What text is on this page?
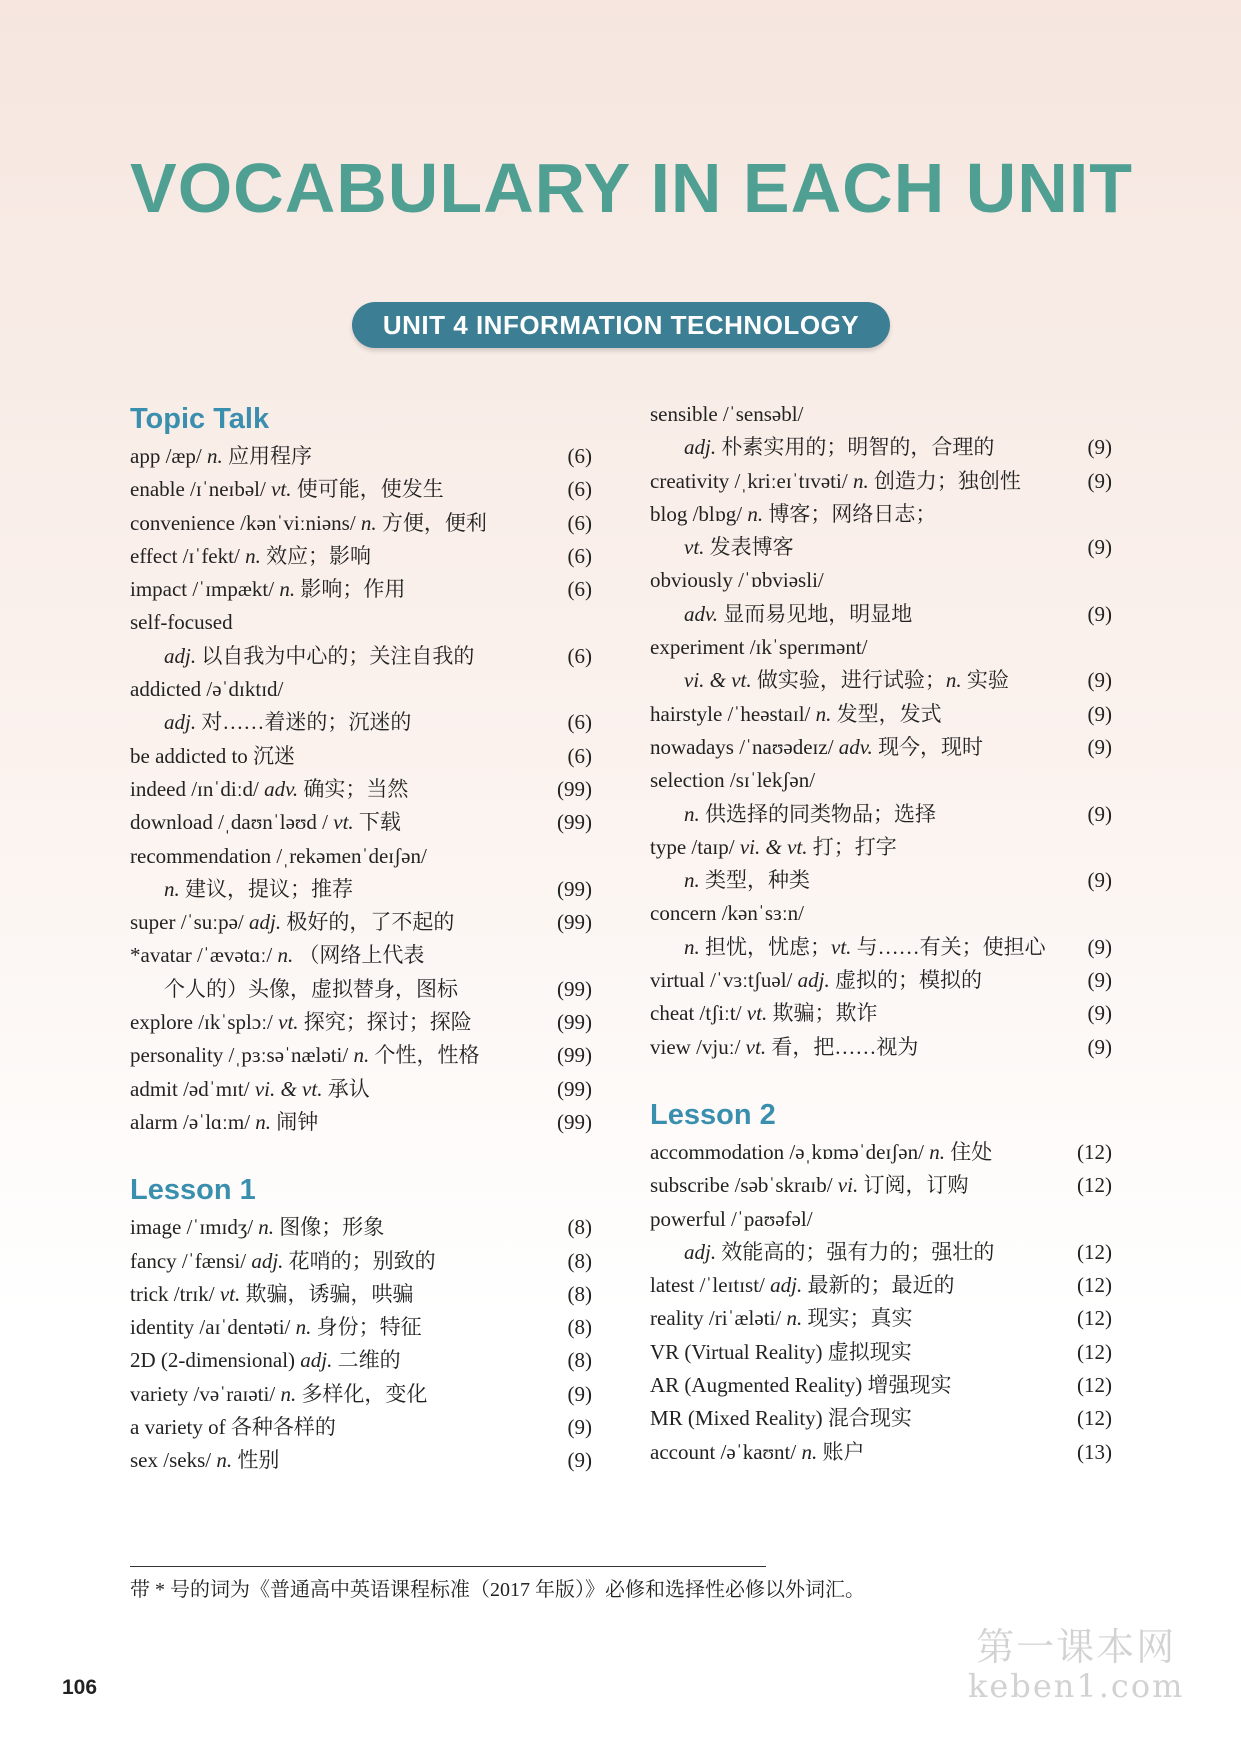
VOCABULARY IN EACH UNIT
UNIT 4 INFORMATION TECHNOLOGY
Topic Talk
app /æp/ n. 应用程序	(6)
enable /ɪˈneɪbəl/ vt. 使可能，使发生	(6)
convenience /kənˈviːniəns/ n. 方便，便利	(6)
effect /ɪˈfekt/ n. 效应；影响	(6)
impact /ˈɪmpækt/ n. 影响；作用	(6)
self-focused
adj. 以自我为中心的；关注自我的	(6)
addicted /əˈdɪktɪd/
adj. 对……着迷的；沉迷的	(6)
be addicted to 沉迷	(6)
indeed /ɪnˈdiːd/ adv. 确实；当然	(99)
download /ˌdaʊnˈləʊd / vt. 下载	(99)
recommendation /ˌrekəmenˈdeɪʃən/
n. 建议，提议；推荐	(99)
super /ˈsuːpə/ adj. 极好的，了不起的	(99)
*avatar /ˈævətɑː/ n. （网络上代表
个人的）头像，虚拟替身，图标	(99)
explore /ɪkˈsplɔː/ vt. 探究；探讨；探险	(99)
personality /ˌpɜːsəˈnæləti/ n. 个性，性格	(99)
admit /ədˈmɪt/ vi. & vt. 承认	(99)
alarm /əˈlɑːm/ n. 闹钟	(99)
Lesson 1
image /ˈɪmɪdʒ/ n. 图像；形象	(8)
fancy /ˈfænsi/ adj. 花哨的；别致的	(8)
trick /trɪk/ vt. 欺骗，诱骗，哄骗	(8)
identity /aɪˈdentəti/ n. 身份；特征	(8)
2D (2-dimensional) adj. 二维的	(8)
variety /vəˈraɪəti/ n. 多样化，变化	(9)
a variety of 各种各样的	(9)
sex /seks/ n. 性别	(9)
sensible /ˈsensəbl/
adj. 朴素实用的；明智的，合理的	(9)
creativity /ˌkriːeɪˈtɪvəti/ n. 创造力；独创性	(9)
blog /blɒg/ n. 博客；网络日志；
vt. 发表博客	(9)
obviously /ˈɒbviəsli/
adv. 显而易见地，明显地	(9)
experiment /ɪkˈsperɪmənt/
vi. & vt. 做实验，进行试验；n. 实验	(9)
hairstyle /ˈheəstaɪl/ n. 发型，发式	(9)
nowadays /ˈnaʊədeɪz/ adv. 现今，现时	(9)
selection /sɪˈlekʃən/
n. 供选择的同类物品；选择	(9)
type /taɪp/ vi. & vt. 打；打字
n. 类型，种类	(9)
concern /kənˈsɜːn/
n. 担忧，忧虑；vt. 与……有关；使担心 (9)
virtual /ˈvɜːtʃuəl/ adj. 虚拟的；模拟的	(9)
cheat /tʃiːt/ vt. 欺骗；欺诈	(9)
view /vjuː/ vt. 看，把……视为	(9)
Lesson 2
accommodation /əˌkɒməˈdeɪʃən/ n. 住处	(12)
subscribe /səbˈskraɪb/ vi. 订阅，订购	(12)
powerful /ˈpaʊəfəl/
adj. 效能高的；强有力的；强壮的	(12)
latest /ˈleɪtɪst/ adj. 最新的；最近的	(12)
reality /riˈæləti/ n. 现实；真实	(12)
VR (Virtual Reality) 虚拟现实	(12)
AR (Augmented Reality) 增强现实	(12)
MR (Mixed Reality) 混合现实	(12)
account /əˈkaʊnt/ n. 账户	(13)
带 * 号的词为《普通高中英语课程标准（2017 年版）》必修和选择性必修以外词汇。
106
第一课本网
keben1.com
